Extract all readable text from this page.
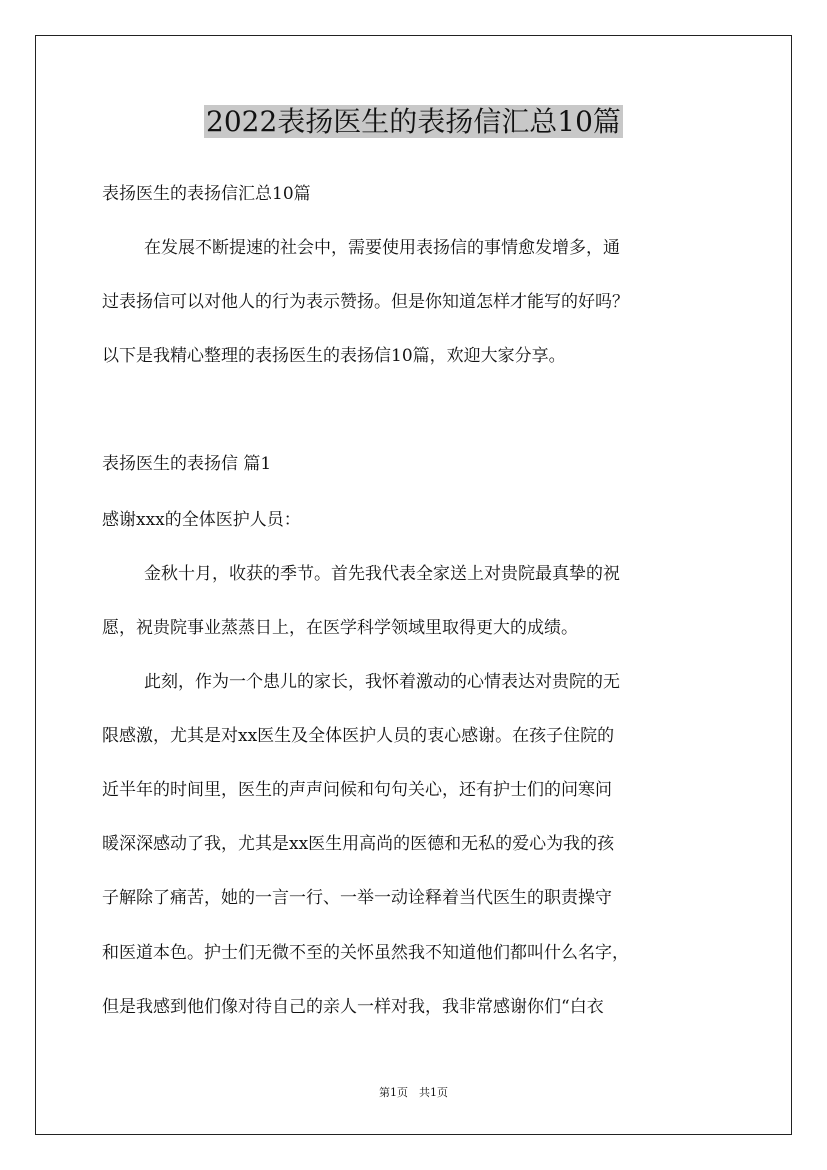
2022表扬医生的表扬信汇总10篇

表扬医生的表扬信汇总10篇

在发展不断提速的社会中，需要使用表扬信的事情愈发增多，通

过表扬信可以对他人的行为表示赞扬。但是你知道怎样才能写的好吗？

以下是我精心整理的表扬医生的表扬信10篇，欢迎大家分享。

表扬医生的表扬信 篇1

感谢xxx的全体医护人员：

金秋十月，收获的季节。首先我代表全家送上对贵院最真挚的祝

愿，祝贵院事业蒸蒸日上，在医学科学领域里取得更大的成绩。

此刻，作为一个患儿的家长，我怀着激动的心情表达对贵院的无

限感激，尤其是对xx医生及全体医护人员的衷心感谢。在孩子住院的

近半年的时间里，医生的声声问候和句句关心，还有护士们的问寒问

暖深深感动了我，尤其是xx医生用高尚的医德和无私的爱心为我的孩

子解除了痛苦，她的一言一行、一举一动诠释着当代医生的职责操守

和医道本色。护士们无微不至的关怀虽然我不知道他们都叫什么名字，

但是我感到他们像对待自己的亲人一样对我，我非常感谢你们“白衣

第1页　共1页
